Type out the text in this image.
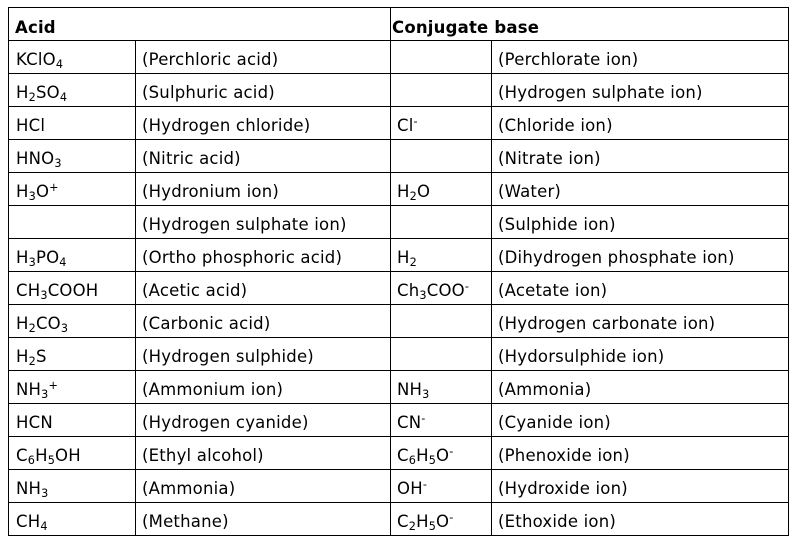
Acid		Conjugate base	
KClO$_4$	(Perchloric acid)		(Perchlorate ion)
$H_2SO_4$	(Sulphuric acid)		(Hydrogen sulphate ion)
HCl	(Hydrogen chloride)	Cl-	(Chloride ion)
$HNO_3$	(Nitric acid)		(Nitrate ion)
$H_3O^+$	(Hydronium ion)	$H_2O$	(Water)
	(Hydrogen sulphate ion)		(Sulphide ion)
$H_3PO_4$	(Ortho phosphoric acid)	$H_2$	(Dihydrogen phosphate ion)
$CH_3COOH$	(Acetic acid)	$Ch_3COO^-$	(Acetate ion)
$H_2CO_3$	(Carbonic acid)		(Hydrogen carbonate ion)
$H_2S$	(Hydrogen sulphide)		(Hydorsulphide ion)
$NH_3^+$	(Ammonium ion)	$NH_3$	(Ammonia)
HCN	(Hydrogen cyanide)	CN-	(Cyanide ion)
$C_6H_5OH$	(Ethyl alcohol)	$C_6H_5O^-$	(Phenoxide ion)
$NH_3$	(Ammonia)	OH-	(Hydroxide ion)
$CH_4$	(Methane)	$C_2H_5O^-$	(Ethoxide ion)
